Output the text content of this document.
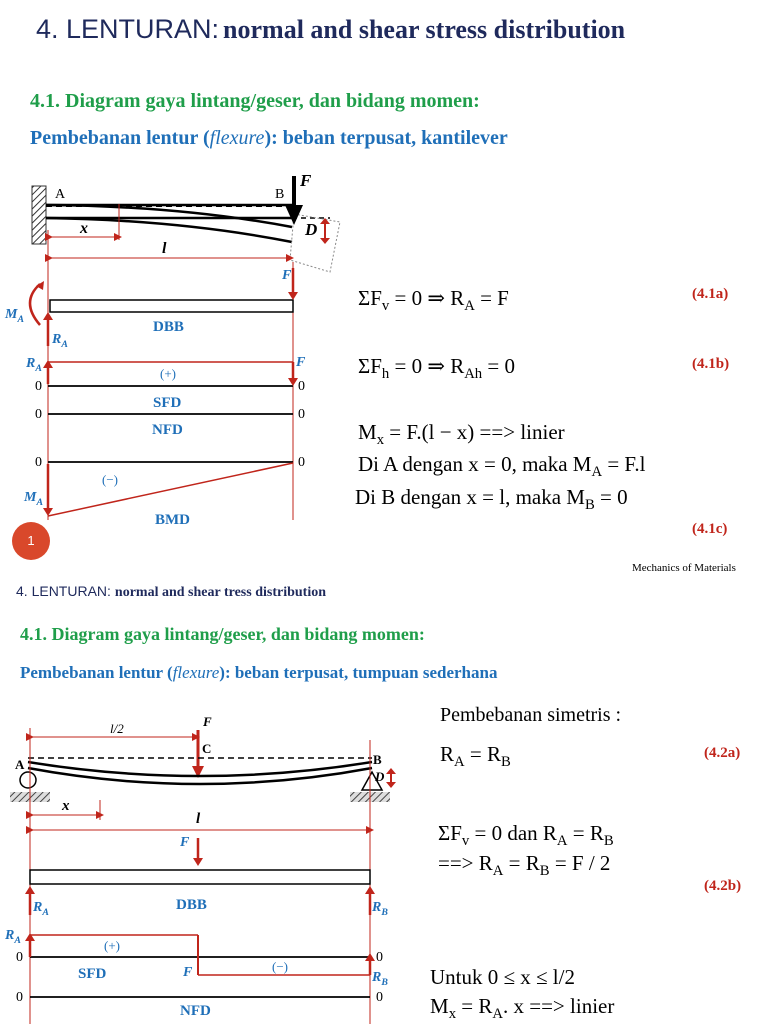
4. LENTURAN: normal and shear stress distribution
4.1. Diagram gaya lintang/geser, dan bidang momen:
Pembebanan lentur (flexure): beban terpusat, kantilever
A	B
F
D
x
l
F
$M_A$
$R_A$
DBB
$R_A$	F
(+)
0	0
SFD
0	0
NFD
0	0
(−)
$M_A$
BMD
$\Sigma F_v = 0$ ⇒ $R_A = F$	(4.1a)
$\Sigma F_h = 0$ ⇒ $R_{Ah} = 0$	(4.1b)
$M_x = F.(l - x)$ ==> linier
Di A dengan x = 0, maka $M_A = F.l$
Di B dengan x = l, maka $M_B = 0$
(4.1c)
1
Mechanics of Materials
4. LENTURAN: normal and shear tress distribution
4.1. Diagram gaya lintang/geser, dan bidang momen:
Pembebanan lentur (flexure): beban terpusat, tumpuan sederhana
l/2	F
C
A	B
D
x
l
F
DBB
$R_A$	$R_B$
$R_A$	(+)
0	0
(−)
SFD	F	$R_B$
0	0
NFD
Pembebanan simetris :
$R_A = R_B$
(4.2a)
$\Sigma F_v = 0$ dan $R_A = R_B$
==> $R_A = R_B = F / 2$
(4.2b)
Untuk 0 ≤ x ≤ l/2
$M_x = R_A$. x ==> linier
